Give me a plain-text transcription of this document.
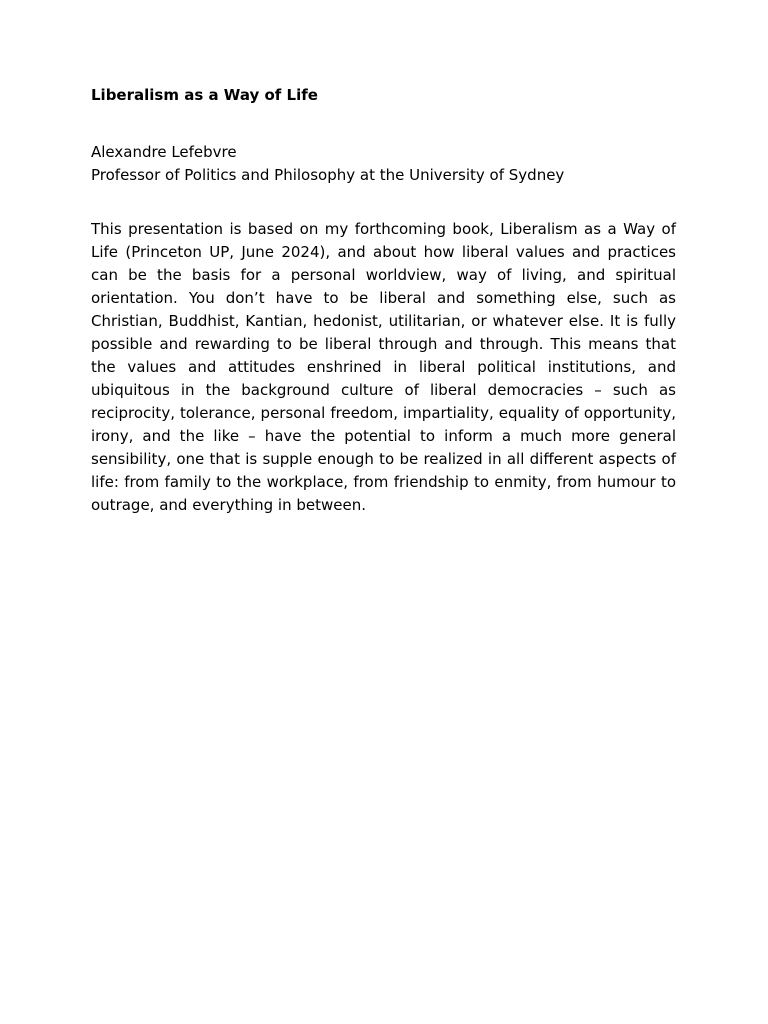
Liberalism as a Way of Life
Alexandre Lefebvre
Professor of Politics and Philosophy at the University of Sydney

This presentation is based on my forthcoming book, Liberalism as a Way of Life (Princeton UP, June 2024), and about how liberal values and practices can be the basis for a personal worldview, way of living, and spiritual orientation. You don’t have to be liberal and something else, such as Christian, Buddhist, Kantian, hedonist, utilitarian, or whatever else. It is fully possible and rewarding to be liberal through and through. This means that the values and attitudes enshrined in liberal political institutions, and ubiquitous in the background culture of liberal democracies – such as reciprocity, tolerance, personal freedom, impartiality, equality of opportunity, irony, and the like – have the potential to inform a much more general sensibility, one that is supple enough to be realized in all different aspects of life: from family to the workplace, from friendship to enmity, from humour to outrage, and everything in between.
